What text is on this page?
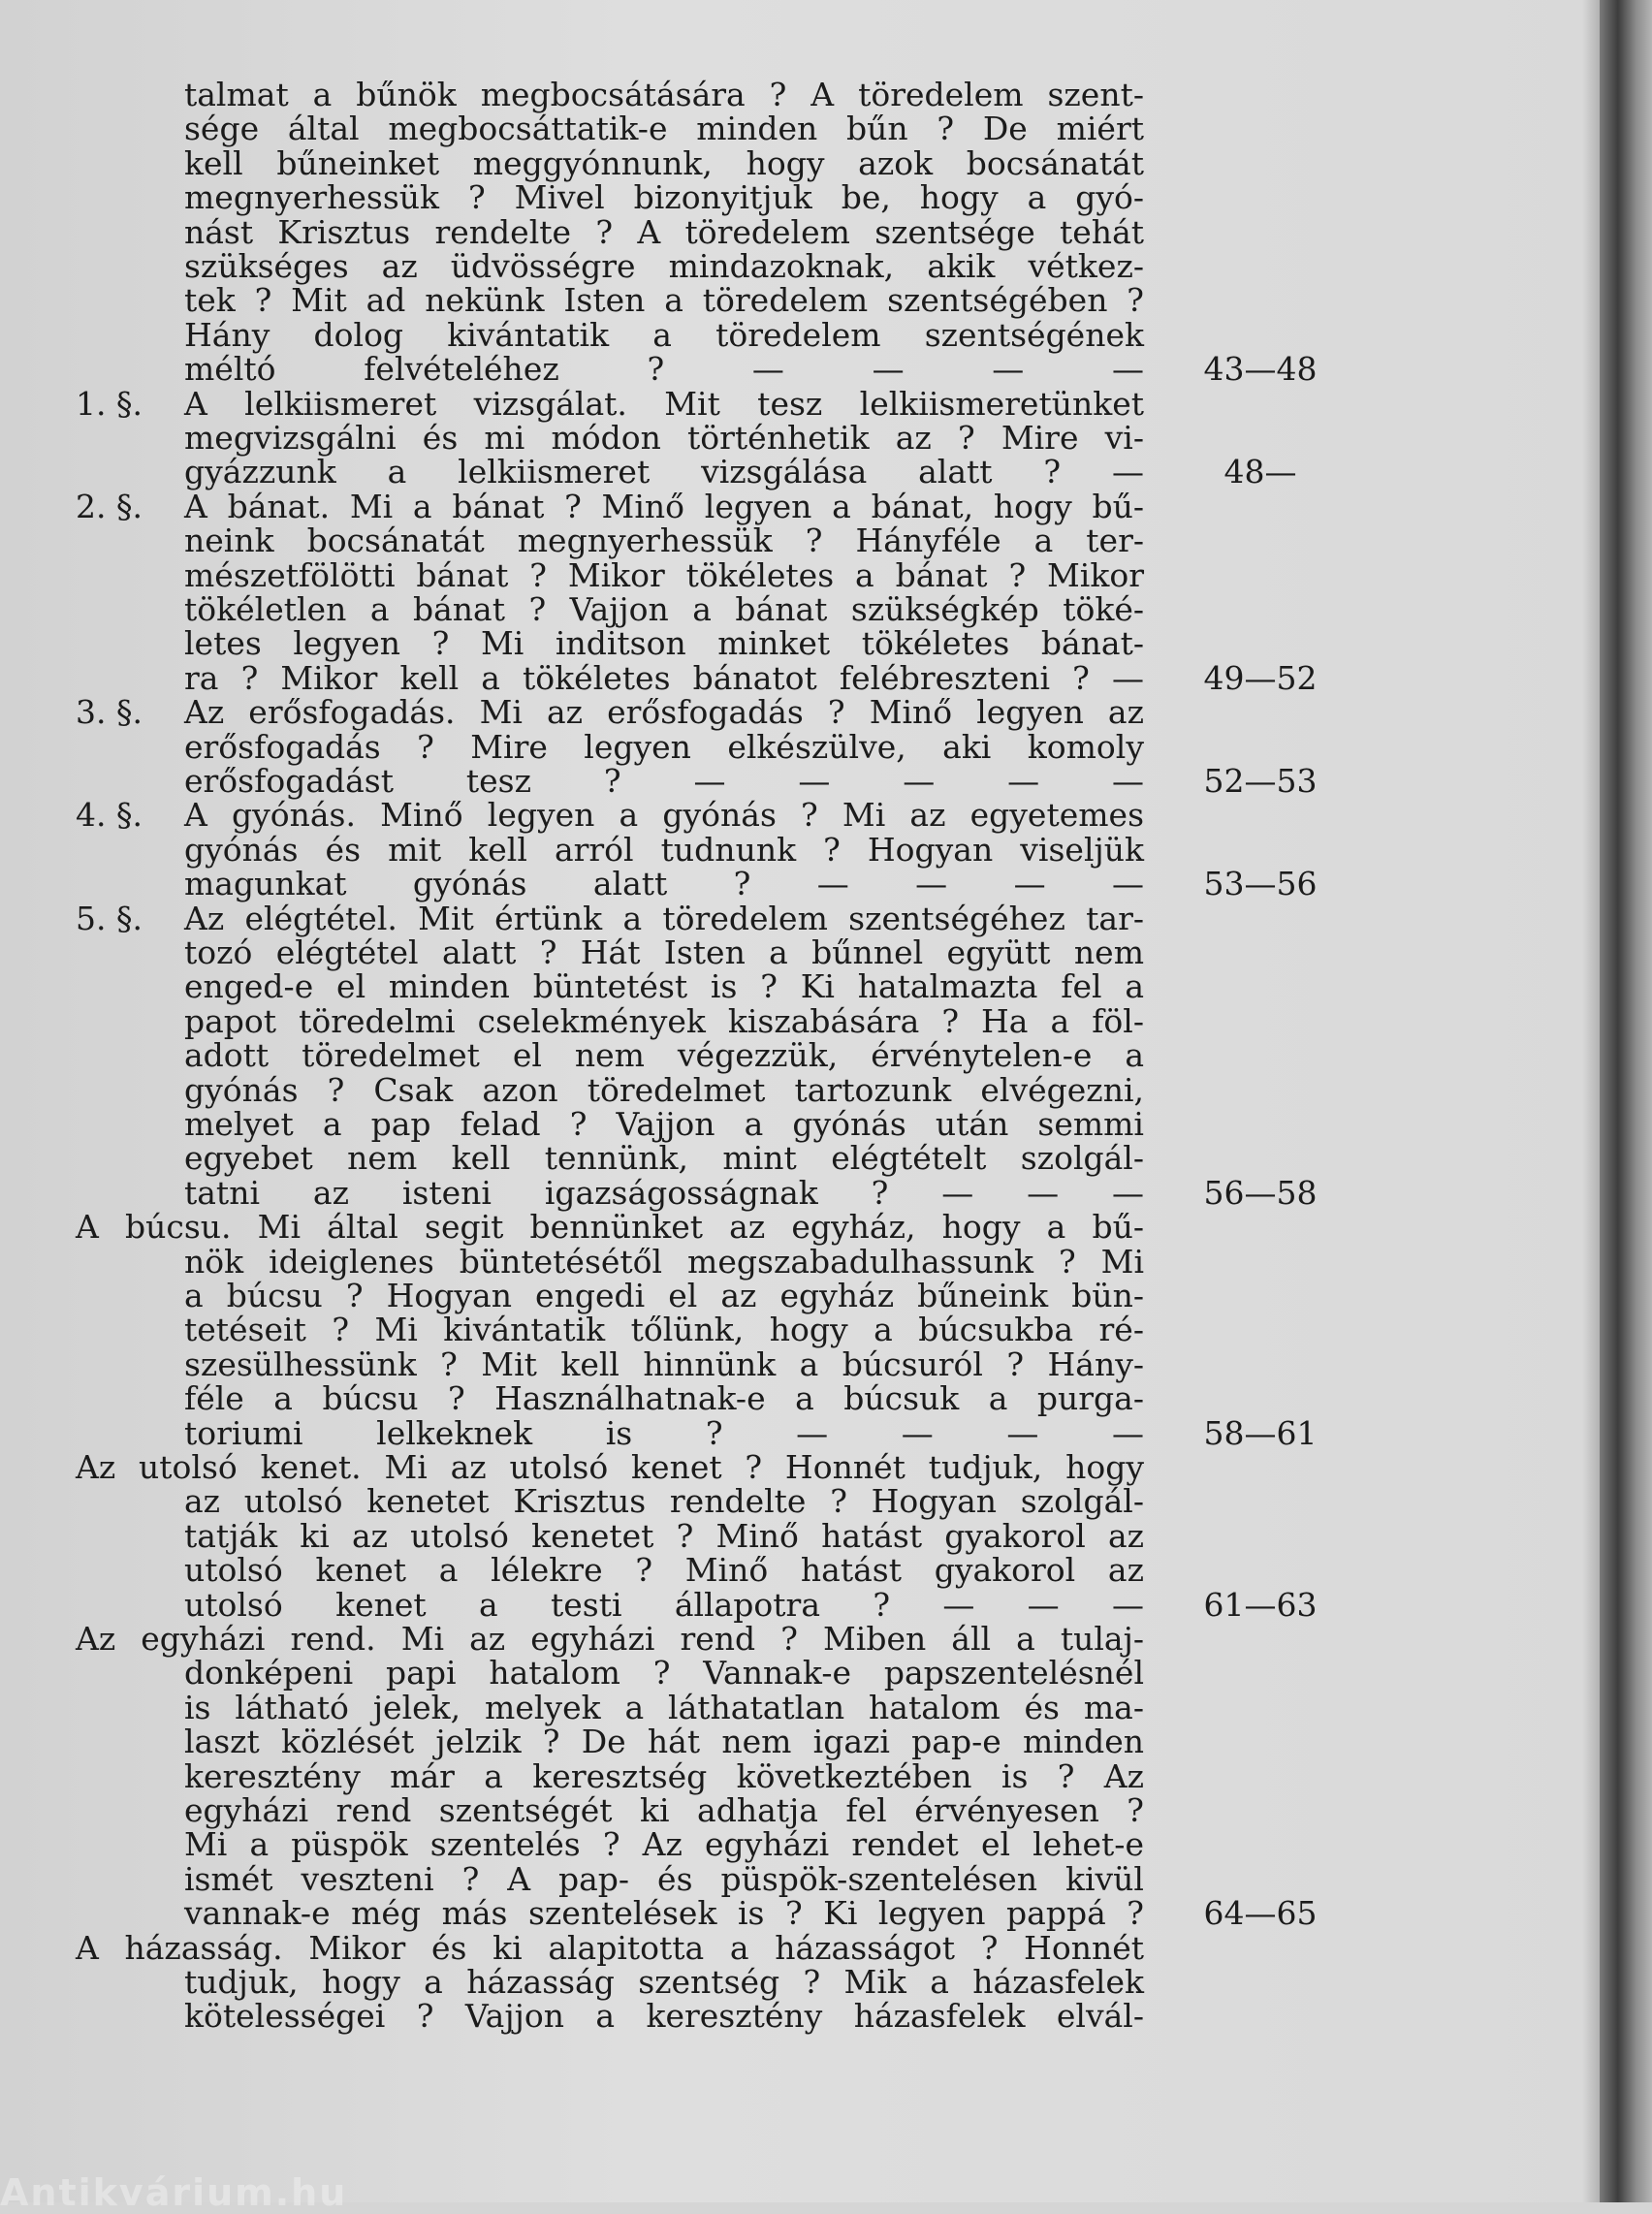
talmat a bűnök megbocsátására ? A töredelem szent-
sége által megbocsáttatik-e minden bűn ? De miért
kell bűneinket meggyónnunk, hogy azok bocsánatát
megnyerhessük ? Mivel bizonyitjuk be, hogy a gyó-
nást Krisztus rendelte ? A töredelem szentsége tehát
szükséges az üdvösségre mindazoknak, akik vétkez-
tek ? Mit ad nekünk Isten a töredelem szentségében ?
Hány dolog kivántatik a töredelem szentségének
méltó felvételéhez ? — — — —	43—48
1. §.	A lelkiismeret vizsgálat. Mit tesz lelkiismeretünket
megvizsgálni és mi módon történhetik az ? Mire vi-
gyázzunk a lelkiismeret vizsgálása alatt ? —	48—
2. §.	A bánat. Mi a bánat ? Minő legyen a bánat, hogy bű-
neink bocsánatát megnyerhessük ? Hányféle a ter-
mészetfölötti bánat ? Mikor tökéletes a bánat ? Mikor
tökéletlen a bánat ? Vajjon a bánat szükségkép töké-
letes legyen ? Mi inditson minket tökéletes bánat-
ra ? Mikor kell a tökéletes bánatot felébreszteni ? —	49—52
3. §.	Az erősfogadás. Mi az erősfogadás ? Minő legyen az
erősfogadás ? Mire legyen elkészülve, aki komoly
erősfogadást tesz ? — — — — —	52—53
4. §.	A gyónás. Minő legyen a gyónás ? Mi az egyetemes
gyónás és mit kell arról tudnunk ? Hogyan viseljük
magunkat gyónás alatt ? — — — —	53—56
5. §.	Az elégtétel. Mit értünk a töredelem szentségéhez tar-
tozó elégtétel alatt ? Hát Isten a bűnnel együtt nem
enged-e el minden büntetést is ? Ki hatalmazta fel a
papot töredelmi cselekmények kiszabására ? Ha a föl-
adott töredelmet el nem végezzük, érvénytelen-e a
gyónás ? Csak azon töredelmet tartozunk elvégezni,
melyet a pap felad ? Vajjon a gyónás után semmi
egyebet nem kell tennünk, mint elégtételt szolgál-
tatni az isteni igazságosságnak ? — — —	56—58
A búcsu. Mi által segit bennünket az egyház, hogy a bű-
nök ideiglenes büntetésétől megszabadulhassunk ? Mi
a búcsu ? Hogyan engedi el az egyház bűneink bün-
tetéseit ? Mi kivántatik tőlünk, hogy a búcsukba ré-
szesülhessünk ? Mit kell hinnünk a búcsuról ? Hány-
féle a búcsu ? Használhatnak-e a búcsuk a purga-
toriumi lelkeknek is ? — — — —	58—61
Az utolsó kenet. Mi az utolsó kenet ? Honnét tudjuk, hogy
az utolsó kenetet Krisztus rendelte ? Hogyan szolgál-
tatják ki az utolsó kenetet ? Minő hatást gyakorol az
utolsó kenet a lélekre ? Minő hatást gyakorol az
utolsó kenet a testi állapotra ? — — —	61—63
Az egyházi rend. Mi az egyházi rend ? Miben áll a tulaj-
donképeni papi hatalom ? Vannak-e papszentelésnél
is látható jelek, melyek a láthatatlan hatalom és ma-
laszt közlését jelzik ? De hát nem igazi pap-e minden
keresztény már a keresztség következtében is ? Az
egyházi rend szentségét ki adhatja fel érvényesen ?
Mi a püspök szentelés ? Az egyházi rendet el lehet-e
ismét veszteni ? A pap- és püspök-szentelésen kivül
vannak-e még más szentelések is ? Ki legyen pappá ?	64—65
A házasság. Mikor és ki alapitotta a házasságot ? Honnét
tudjuk, hogy a házasság szentség ? Mik a házasfelek
kötelességei ? Vajjon a keresztény házasfelek elvál-
Antikvárium.hu
